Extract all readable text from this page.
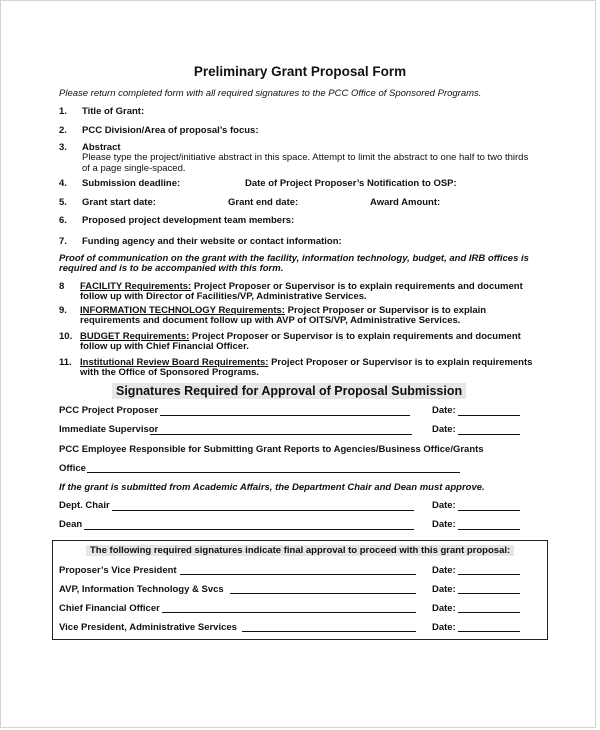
Preliminary Grant Proposal Form
Please return completed form with all required signatures to the PCC Office of Sponsored Programs.
1. Title of Grant:
2. PCC Division/Area of proposal’s focus:
3. Abstract
Please type the project/initiative abstract in this space. Attempt to limit the abstract to one half to two thirds
of a page single-spaced.
4. Submission deadline:	Date of Project Proposer’s Notification to OSP:
5. Grant start date:	Grant end date:	Award Amount:
6. Proposed project development team members:
7. Funding agency and their website or contact information:
Proof of communication on the grant with the facility, information technology, budget, and IRB offices is
required and is to be accompanied with this form.
8 FACILITY Requirements: Project Proposer or Supervisor is to explain requirements and document
follow up with Director of Facilities/VP, Administrative Services.
9. INFORMATION TECHNOLOGY Requirements: Project Proposer or Supervisor is to explain
requirements and document follow up with AVP of OITS/VP, Administrative Services.
10. BUDGET Requirements: Project Proposer or Supervisor is to explain requirements and document
follow up with Chief Financial Officer.
11. Institutional Review Board Requirements: Project Proposer or Supervisor is to explain requirements
with the Office of Sponsored Programs.
Signatures Required for Approval of Proposal Submission
PCC Project Proposer	Date:
Immediate Supervisor	Date:
PCC Employee Responsible for Submitting Grant Reports to Agencies/Business Office/Grants
Office
If the grant is submitted from Academic Affairs, the Department Chair and Dean must approve.
Dept. Chair	Date:
Dean	Date:
The following required signatures indicate final approval to proceed with this grant proposal:
Proposer’s Vice President	Date:
AVP, Information Technology & Svcs	Date:
Chief Financial Officer	Date:
Vice President, Administrative Services	Date:
